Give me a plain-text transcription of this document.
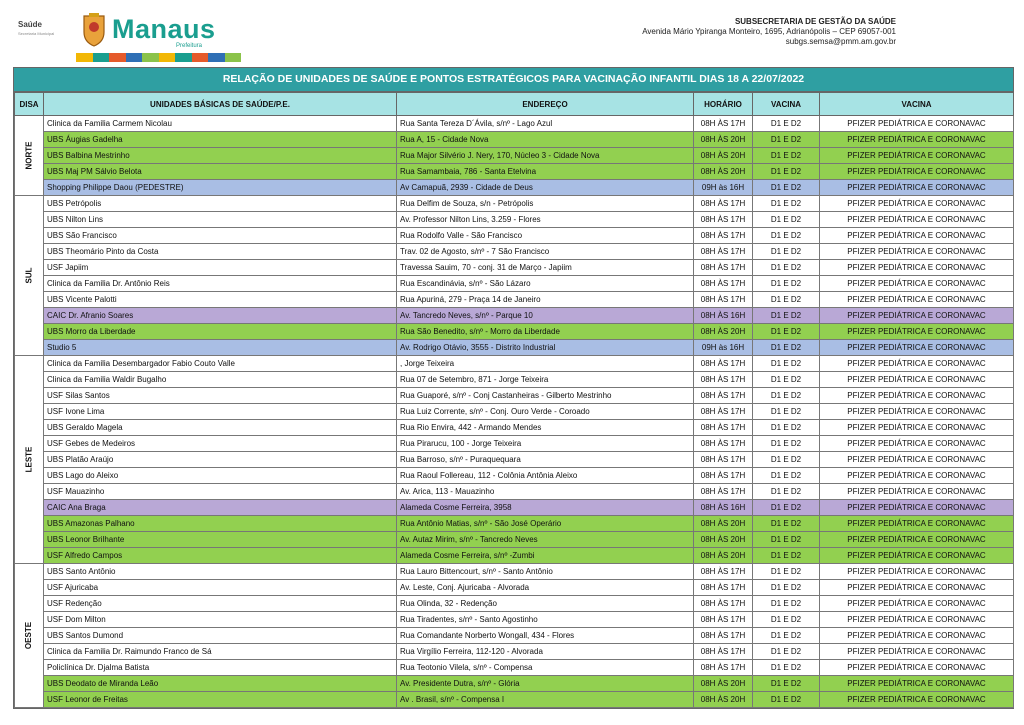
Saúde
Secretaria Municipal Manaus
Prefeitura
SUBSECRETARIA DE GESTÃO DA SAÚDE
Avenida Mário Ypiranga Monteiro, 1695, Adrianópolis – CEP 69057-001
subgs.semsa@pmm.am.gov.br
RELAÇÃO DE UNIDADES DE SAÚDE E PONTOS ESTRATÉGICOS PARA VACINAÇÃO INFANTIL DIAS 18 A 22/07/2022
DISA	UNIDADES BÁSICAS DE SAÚDE/P.E.	ENDEREÇO	HORÁRIO	VACINA	VACINA
NORTE	Clinica da Familia Carmem Nicolau	Rua Santa Tereza D´Ávila, s/nº - Lago Azul	08H ÀS 17H	D1 E D2	PFIZER PEDIÁTRICA E CORONAVAC
	UBS Áugias Gadelha	Rua A, 15 - Cidade Nova	08H ÀS 20H	D1 E D2	PFIZER PEDIÁTRICA E CORONAVAC
	UBS Balbina Mestrinho	Rua Major Silvério J. Nery, 170, Núcleo 3 - Cidade Nova	08H ÀS 20H	D1 E D2	PFIZER PEDIÁTRICA E CORONAVAC
	UBS Maj PM Sálvio Belota	Rua Samambaia, 786 - Santa Etelvina	08H ÀS 20H	D1 E D2	PFIZER PEDIÁTRICA E CORONAVAC
	Shopping Philippe Daou (PEDESTRE)	Av Camapuã, 2939 - Cidade de Deus	09H às 16H	D1 E D2	PFIZER PEDIÁTRICA E CORONAVAC
SUL	UBS Petrópolis	Rua Delfim de Souza, s/n - Petrópolis	08H ÀS 17H	D1 E D2	PFIZER PEDIÁTRICA E CORONAVAC
	UBS Nilton Lins	Av. Professor Nilton Lins, 3.259 - Flores	08H ÀS 17H	D1 E D2	PFIZER PEDIÁTRICA E CORONAVAC
	UBS São Francisco	Rua Rodolfo Valle - São Francisco	08H ÀS 17H	D1 E D2	PFIZER PEDIÁTRICA E CORONAVAC
	UBS Theomário Pinto da Costa	Trav. 02 de Agosto, s/nº - 7 São Francisco	08H ÀS 17H	D1 E D2	PFIZER PEDIÁTRICA E CORONAVAC
	USF Japiim	Travessa Sauim, 70 - conj. 31 de Março - Japiim	08H ÀS 17H	D1 E D2	PFIZER PEDIÁTRICA E CORONAVAC
	Clinica da Familia Dr. Antônio Reis	Rua Escandinávia, s/nº - São Lázaro	08H ÀS 17H	D1 E D2	PFIZER PEDIÁTRICA E CORONAVAC
	UBS Vicente Palotti	Rua Apuriná, 279 - Praça 14 de Janeiro	08H ÀS 17H	D1 E D2	PFIZER PEDIÁTRICA E CORONAVAC
	CAIC Dr. Afranio Soares	Av. Tancredo Neves, s/nº - Parque 10	08H ÀS 16H	D1 E D2	PFIZER PEDIÁTRICA E CORONAVAC
	UBS Morro da Liberdade	Rua São Benedito, s/nº - Morro da Liberdade	08H ÀS 20H	D1 E D2	PFIZER PEDIÁTRICA E CORONAVAC
	Studio 5	Av. Rodrigo Otávio, 3555 - Distrito Industrial	09H às 16H	D1 E D2	PFIZER PEDIÁTRICA E CORONAVAC
LESTE	Clinica da Familia Desembargador Fabio Couto Valle	, Jorge Teixeira	08H ÀS 17H	D1 E D2	PFIZER PEDIÁTRICA E CORONAVAC
	Clinica da Familia Waldir Bugalho	Rua 07 de Setembro, 871 - Jorge Teixeira	08H ÀS 17H	D1 E D2	PFIZER PEDIÁTRICA E CORONAVAC
	USF Silas Santos	Rua Guaporé, s/nº - Conj Castanheiras - Gilberto Mestrinho	08H ÀS 17H	D1 E D2	PFIZER PEDIÁTRICA E CORONAVAC
	USF Ivone Lima	Rua Luiz Corrente, s/nº - Conj. Ouro Verde - Coroado	08H ÀS 17H	D1 E D2	PFIZER PEDIÁTRICA E CORONAVAC
	UBS Geraldo Magela	Rua Rio Envira, 442 - Armando Mendes	08H ÀS 17H	D1 E D2	PFIZER PEDIÁTRICA E CORONAVAC
	USF Gebes de Medeiros	Rua Pirarucu, 100 - Jorge Teixeira	08H ÀS 17H	D1 E D2	PFIZER PEDIÁTRICA E CORONAVAC
	UBS Platão Araújo	Rua Barroso, s/nº - Puraquequara	08H ÀS 17H	D1 E D2	PFIZER PEDIÁTRICA E CORONAVAC
	UBS Lago do Aleixo	Rua Raoul Follereau, 112 - Colônia Antônia Aleixo	08H ÀS 17H	D1 E D2	PFIZER PEDIÁTRICA E CORONAVAC
	USF Mauazinho	Av. Arica, 113 - Mauazinho	08H ÀS 17H	D1 E D2	PFIZER PEDIÁTRICA E CORONAVAC
	CAIC Ana Braga	Alameda Cosme Ferreira, 3958	08H ÀS 16H	D1 E D2	PFIZER PEDIÁTRICA E CORONAVAC
	UBS Amazonas Palhano	Rua Antônio Matias, s/nº - São José Operário	08H ÀS 20H	D1 E D2	PFIZER PEDIÁTRICA E CORONAVAC
	UBS Leonor Brilhante	Av. Autaz Mirim, s/nº - Tancredo Neves	08H ÀS 20H	D1 E D2	PFIZER PEDIÁTRICA E CORONAVAC
	USF Alfredo Campos	Alameda Cosme Ferreira, s/nº -Zumbi	08H ÀS 20H	D1 E D2	PFIZER PEDIÁTRICA E CORONAVAC
OESTE	UBS Santo Antônio	Rua Lauro Bittencourt, s/nº - Santo Antônio	08H ÀS 17H	D1 E D2	PFIZER PEDIÁTRICA E CORONAVAC
	USF Ajuricaba	Av. Leste, Conj. Ajuricaba - Alvorada	08H ÀS 17H	D1 E D2	PFIZER PEDIÁTRICA E CORONAVAC
	USF Redenção	Rua Olinda, 32 - Redenção	08H ÀS 17H	D1 E D2	PFIZER PEDIÁTRICA E CORONAVAC
	USF Dom Milton	Rua Tiradentes, s/nº - Santo Agostinho	08H ÀS 17H	D1 E D2	PFIZER PEDIÁTRICA E CORONAVAC
	UBS Santos Dumond	Rua Comandante Norberto Wongall, 434 - Flores	08H ÀS 17H	D1 E D2	PFIZER PEDIÁTRICA E CORONAVAC
	Clinica da Familia Dr. Raimundo Franco de Sá	Rua Virgílio Ferreira, 112-120 - Alvorada	08H ÀS 17H	D1 E D2	PFIZER PEDIÁTRICA E CORONAVAC
	Policlínica Dr. Djalma Batista	Rua Teotonio Vilela, s/nº - Compensa	08H ÀS 17H	D1 E D2	PFIZER PEDIÁTRICA E CORONAVAC
	UBS Deodato de Miranda Leão	Av. Presidente Dutra, s/nº - Glória	08H ÀS 20H	D1 E D2	PFIZER PEDIÁTRICA E CORONAVAC
	USF Leonor de Freitas	Av . Brasil, s/nº - Compensa I	08H ÀS 20H	D1 E D2	PFIZER PEDIÁTRICA E CORONAVAC
